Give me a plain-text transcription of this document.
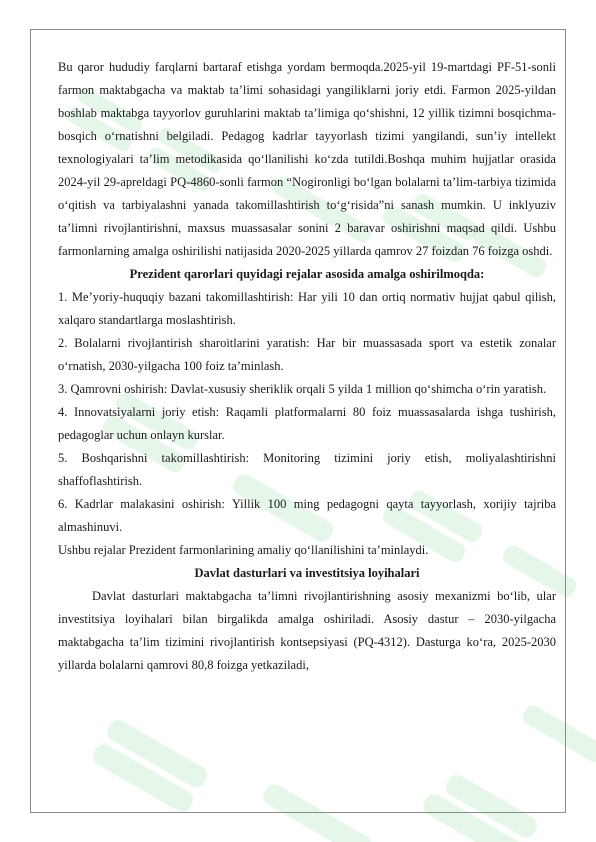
Bu qaror hududiy farqlarni bartaraf etishga yordam bermoqda.2025-yil 19-martdagi PF-51-sonli farmon maktabgacha va maktab ta’limi sohasidagi yangiliklarni joriy etdi. Farmon 2025-yildan boshlab maktabga tayyorlov guruhlarini maktab ta’limiga qo‘shishni, 12 yillik tizimni bosqichma-bosqich o‘rnatishni belgiladi. Pedagog kadrlar tayyorlash tizimi yangilandi, sun’iy intellekt texnologiyalari ta’lim metodikasida qo‘llanilishi ko‘zda tutildi.Boshqa muhim hujjatlar orasida 2024-yil 29-apreldagi PQ-4860-sonli farmon “Nogironligi bo‘lgan bolalarni ta’lim-tarbiya tizimida o‘qitish va tarbiyalashni yanada takomillashtirish to‘g‘risida”ni sanash mumkin. U inklyuziv ta’limni rivojlantirishni, maxsus muassasalar sonini 2 baravar oshirishni maqsad qildi. Ushbu farmonlarning amalga oshirilishi natijasida 2020-2025 yillarda qamrov 27 foizdan 76 foizga oshdi.

Prezident qarorlari quyidagi rejalar asosida amalga oshirilmoqda:

1. Me’yoriy-huquqiy bazani takomillashtirish: Har yili 10 dan ortiq normativ hujjat qabul qilish, xalqaro standartlarga moslashtirish.

2. Bolalarni rivojlantirish sharoitlarini yaratish: Har bir muassasada sport va estetik zonalar o‘rnatish, 2030-yilgacha 100 foiz ta’minlash.

3. Qamrovni oshirish: Davlat-xususiy sheriklik orqali 5 yilda 1 million qo‘shimcha o‘rin yaratish.

4. Innovatsiyalarni joriy etish: Raqamli platformalarni 80 foiz muassasalarda ishga tushirish, pedagoglar uchun onlayn kurslar.

5. Boshqarishni takomillashtirish: Monitoring tizimini joriy etish, moliyalashtirishni shaffoflashtirish.

6. Kadrlar malakasini oshirish: Yillik 100 ming pedagogni qayta tayyorlash, xorijiy tajriba almashinuvi.

Ushbu rejalar Prezident farmonlarining amaliy qo‘llanilishini ta’minlaydi.

Davlat dasturlari va investitsiya loyihalari

Davlat dasturlari maktabgacha ta’limni rivojlantirishning asosiy mexanizmi bo‘lib, ular investitsiya loyihalari bilan birgalikda amalga oshiriladi. Asosiy dastur – 2030-yilgacha maktabgacha ta’lim tizimini rivojlantirish kontsepsiyasi (PQ-4312). Dasturga ko‘ra, 2025-2030 yillarda bolalarni qamrovi 80,8 foizga yetkaziladi,
